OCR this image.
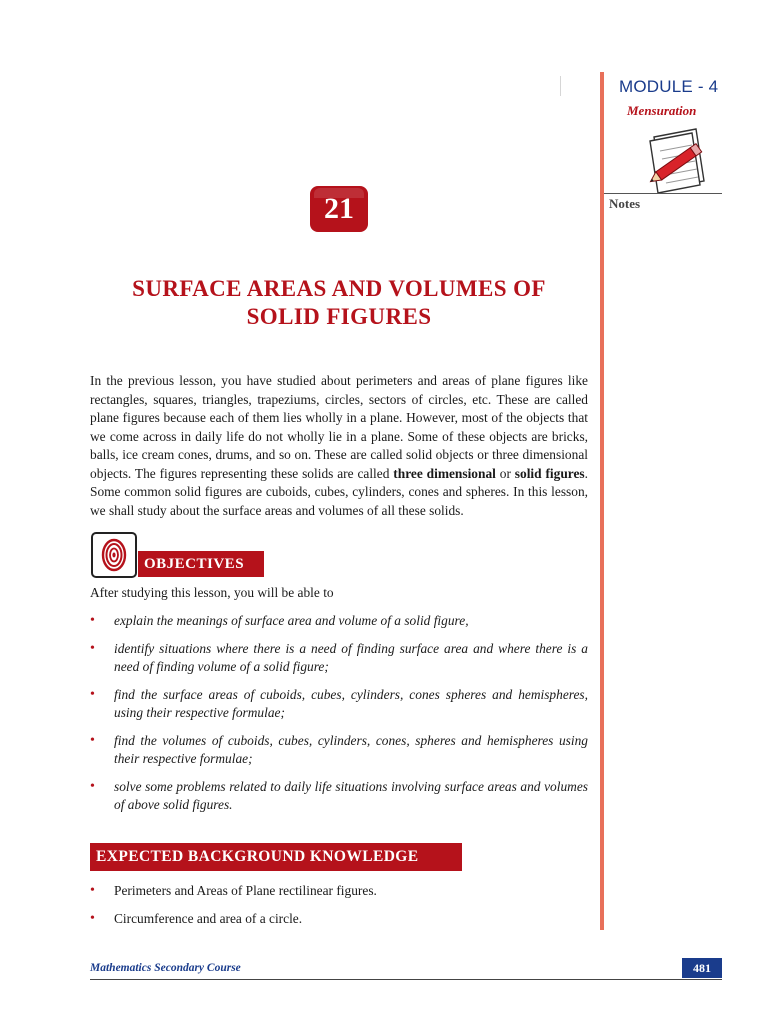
MODULE - 4
Mensuration
Notes
21
SURFACE AREAS AND VOLUMES OF
SOLID FIGURES
In the previous lesson, you have studied about perimeters and areas of plane figures like rectangles, squares, triangles, trapeziums, circles, sectors of circles, etc. These are called plane figures because each of them lies wholly in a plane. However, most of the objects that we come across in daily life do not wholly lie in a plane. Some of these objects are bricks, balls, ice cream cones, drums, and so on. These are called solid objects or three dimensional objects. The figures representing these solids are called three dimensional or solid figures. Some common solid figures are cuboids, cubes, cylinders, cones and spheres. In this lesson, we shall study about the surface areas and volumes of all these solids.
OBJECTIVES
After studying this lesson, you will be able to
• explain the meanings of surface area and volume of a solid figure,
• identify situations where there is a need of finding surface area and where there is a need of finding volume of a solid figure;
• find the surface areas of cuboids, cubes, cylinders, cones spheres and hemispheres, using their respective formulae;
• find the volumes of cuboids, cubes, cylinders, cones, spheres and hemispheres using their respective formulae;
• solve some problems related to daily life situations involving surface areas and volumes of above solid figures.
EXPECTED BACKGROUND KNOWLEDGE
• Perimeters and Areas of Plane rectilinear figures.
• Circumference and area of a circle.
Mathematics Secondary Course	481
